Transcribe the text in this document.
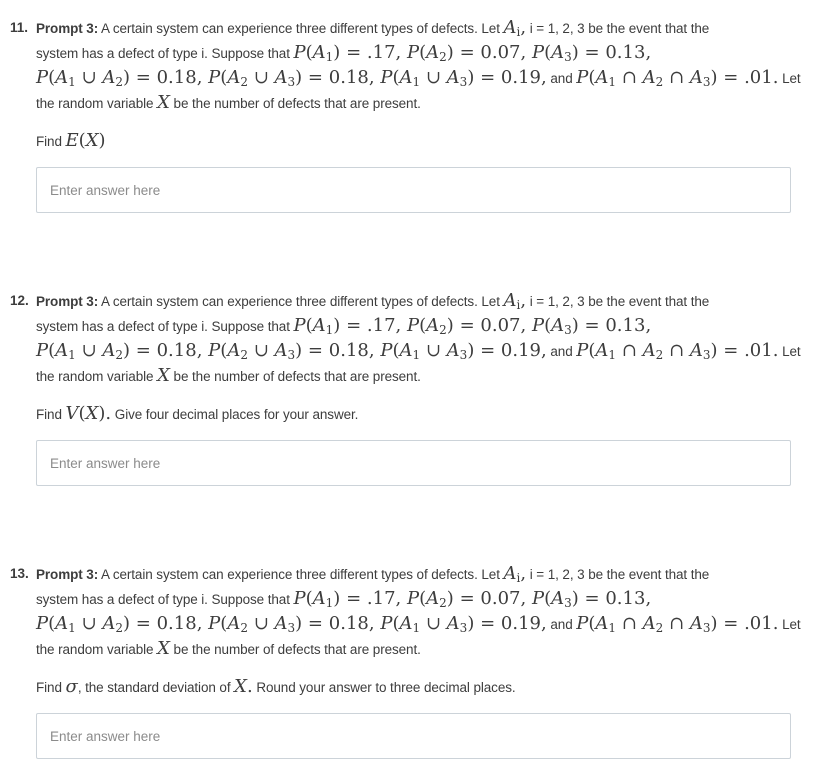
11. Prompt 3: A certain system can experience three different types of defects. Let $A_i$, i = 1, 2, 3 be the event that the
system has a defect of type i. Suppose that $P(A_1) = .17$, $P(A_2) = 0.07$, $P(A_3) = 0.13$,
$P(A_1$ ∪ $A_2) = 0.18$, $P(A_2$ ∪ $A_3) = 0.18$, $P(A_1$ ∪ $A_3) = 0.19$, and $P(A_1$ ∩ $A_2$ ∩ $A_3) = .01$. Let
the random variable X be the number of defects that are present.
Find E(X)
Enter answer here
12. Prompt 3: A certain system can experience three different types of defects. Let $A_i$, i = 1, 2, 3 be the event that the
system has a defect of type i. Suppose that $P(A_1) = .17$, $P(A_2) = 0.07$, $P(A_3) = 0.13$,
$P(A_1$ ∪ $A_2) = 0.18$, $P(A_2$ ∪ $A_3) = 0.18$, $P(A_1$ ∪ $A_3) = 0.19$, and $P(A_1$ ∩ $A_2$ ∩ $A_3) = .01$. Let
the random variable X be the number of defects that are present.
Find V(X). Give four decimal places for your answer.
Enter answer here
13. Prompt 3: A certain system can experience three different types of defects. Let $A_i$, i = 1, 2, 3 be the event that the
system has a defect of type i. Suppose that $P(A_1) = .17$, $P(A_2) = 0.07$, $P(A_3) = 0.13$,
$P(A_1$ ∪ $A_2) = 0.18$, $P(A_2$ ∪ $A_3) = 0.18$, $P(A_1$ ∪ $A_3) = 0.19$, and $P(A_1$ ∩ $A_2$ ∩ $A_3) = .01$. Let
the random variable X be the number of defects that are present.
Find σ, the standard deviation of X. Round your answer to three decimal places.
Enter answer here
